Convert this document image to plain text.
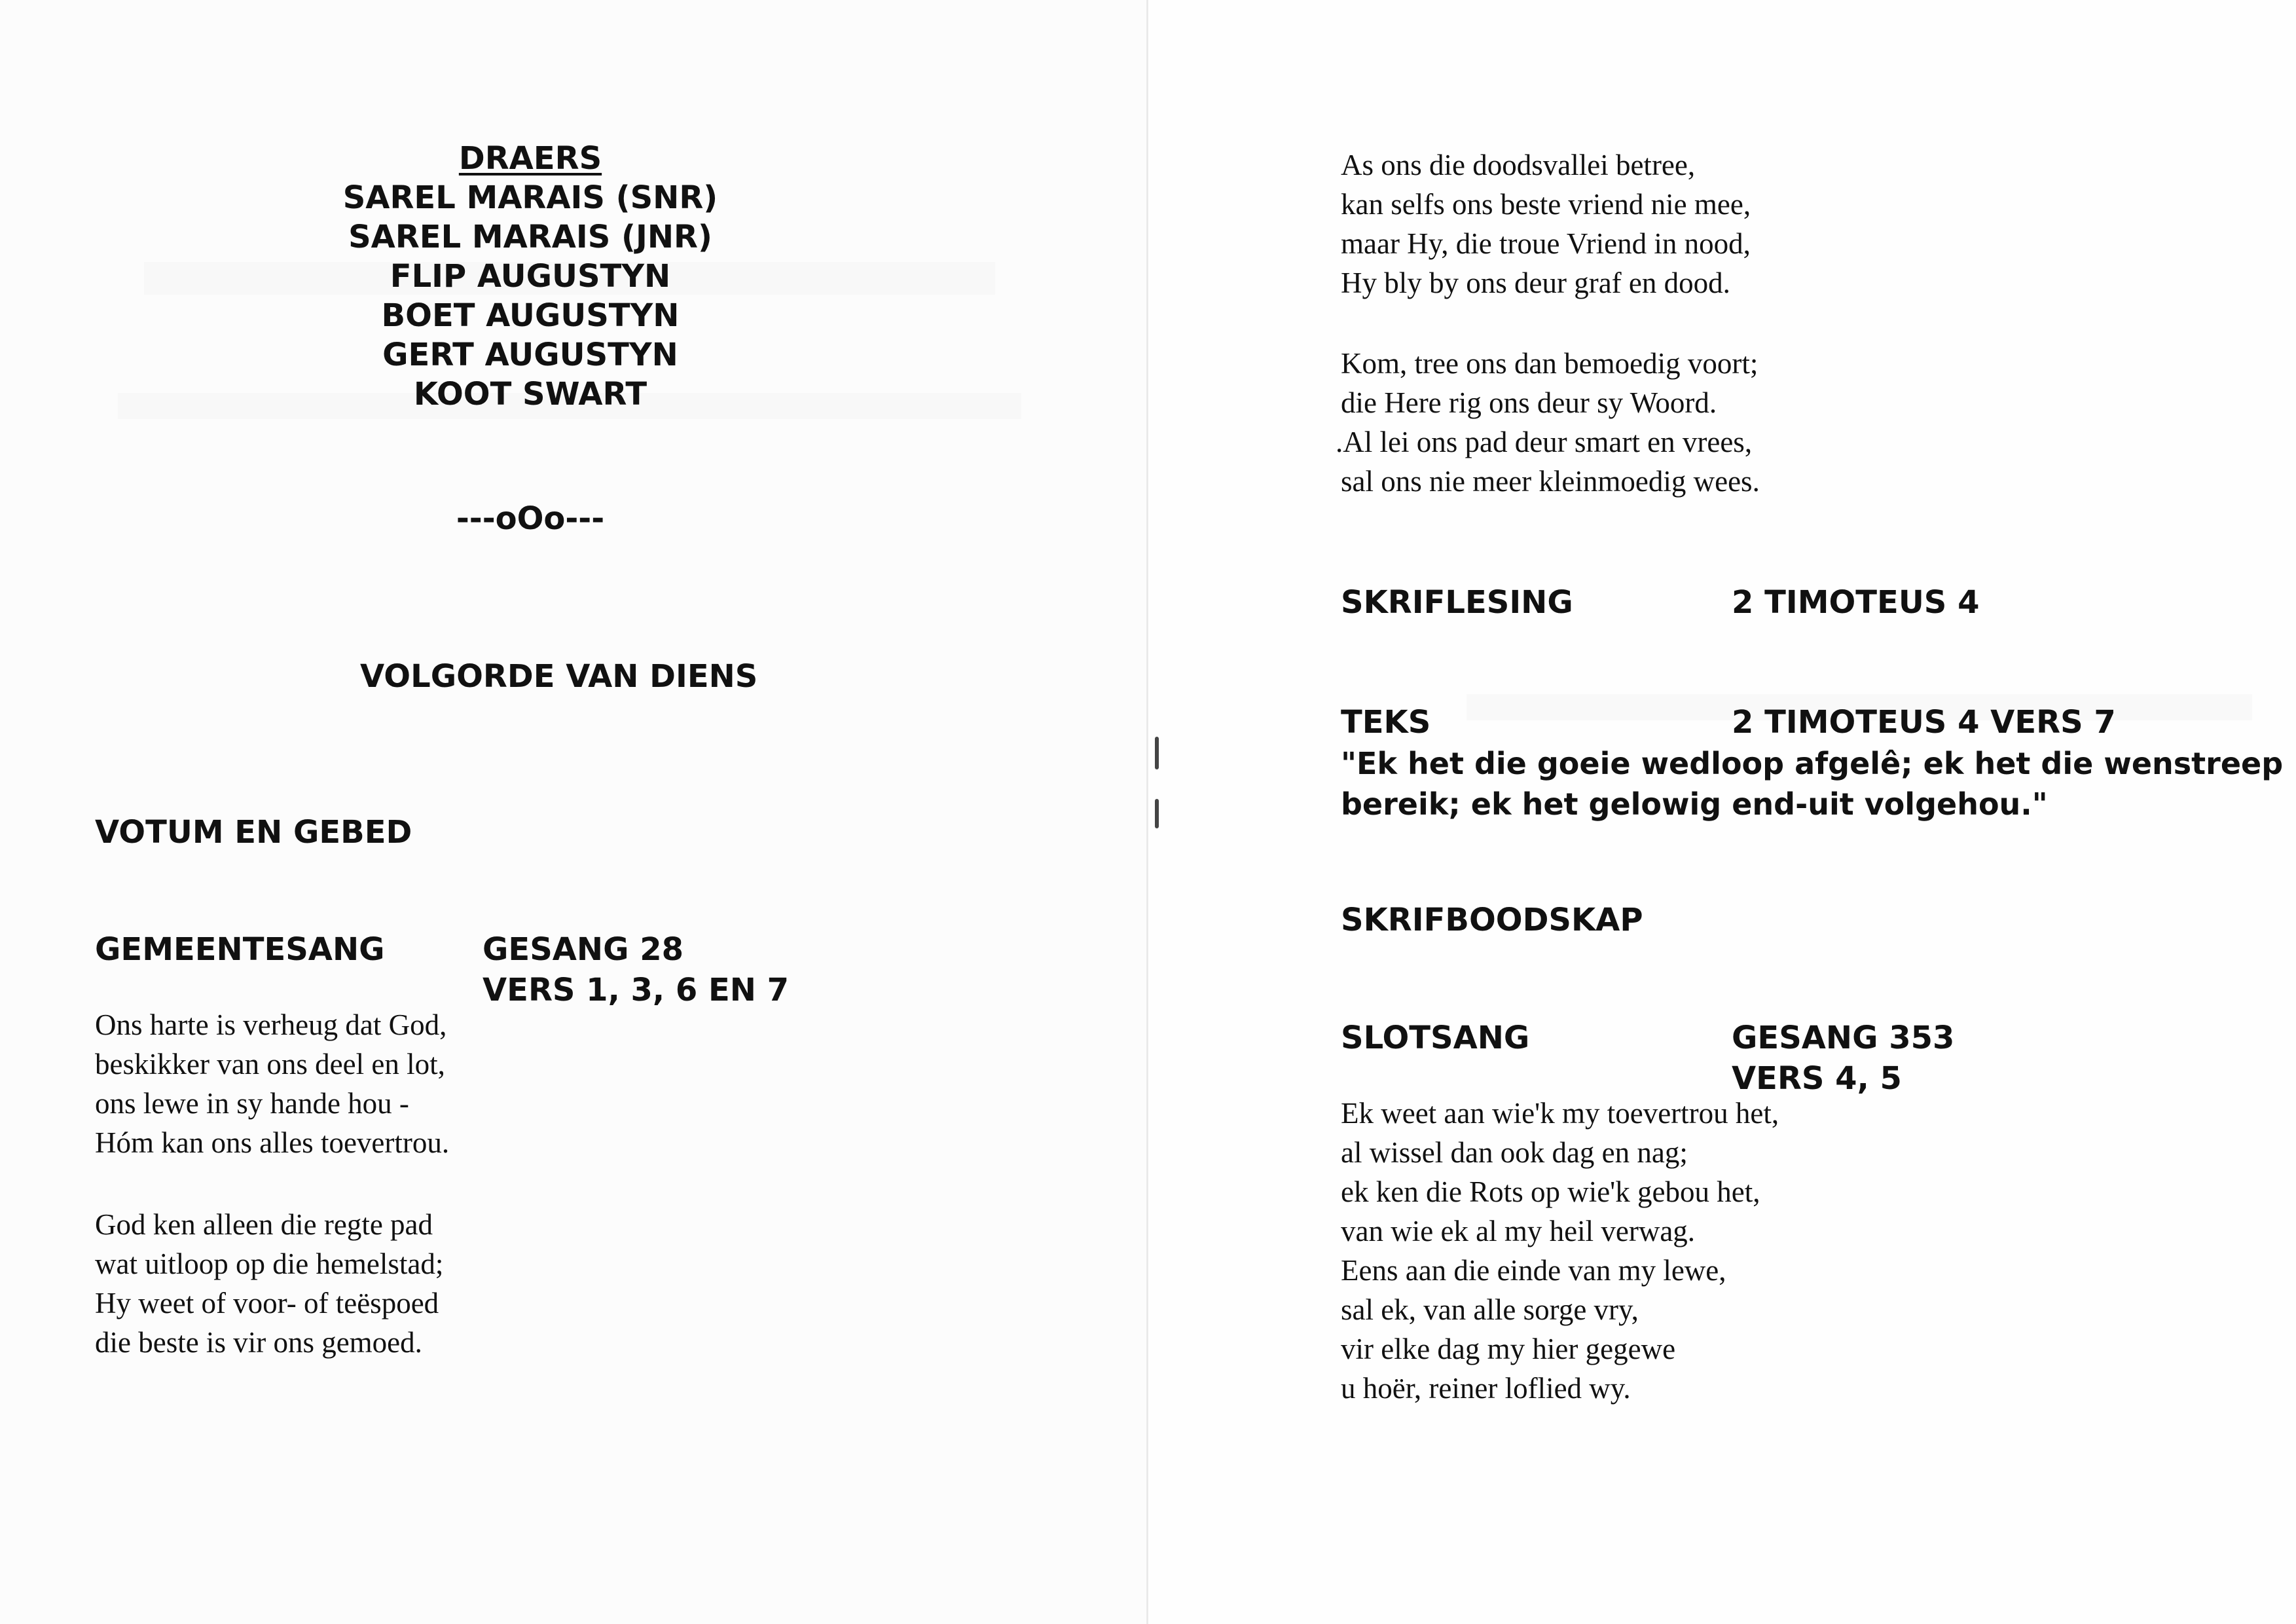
DRAERS
SAREL MARAIS (SNR)
SAREL MARAIS (JNR)
FLIP AUGUSTYN
BOET AUGUSTYN
GERT AUGUSTYN
KOOT SWART
---oOo---
VOLGORDE VAN DIENS
VOTUM EN GEBED
GEMEENTESANG	GESANG 28
VERS 1, 3, 6 EN 7
Ons harte is verheug dat God,
beskikker van ons deel en lot,
ons lewe in sy hande hou -
Hóm kan ons alles toevertrou.
God ken alleen die regte pad
wat uitloop op die hemelstad;
Hy weet of voor- of teëspoed
die beste is vir ons gemoed.
As ons die doodsvallei betree,
kan selfs ons beste vriend nie mee,
maar Hy, die troue Vriend in nood,
Hy bly by ons deur graf en dood.
Kom, tree ons dan bemoedig voort;
die Here rig ons deur sy Woord.
.Al lei ons pad deur smart en vrees,
sal ons nie meer kleinmoedig wees.
SKRIFLESING	2 TIMOTEUS 4
TEKS	2 TIMOTEUS 4 VERS 7
"Ek het die goeie wedloop afgelê; ek het die wenstreep
bereik; ek het gelowig end-uit volgehou."
SKRIFBOODSKAP
SLOTSANG	GESANG 353
VERS 4, 5
Ek weet aan wie'k my toevertrou het,
al wissel dan ook dag en nag;
ek ken die Rots op wie'k gebou het,
van wie ek al my heil verwag.
Eens aan die einde van my lewe,
sal ek, van alle sorge vry,
vir elke dag my hier gegewe
u hoër, reiner loflied wy.
